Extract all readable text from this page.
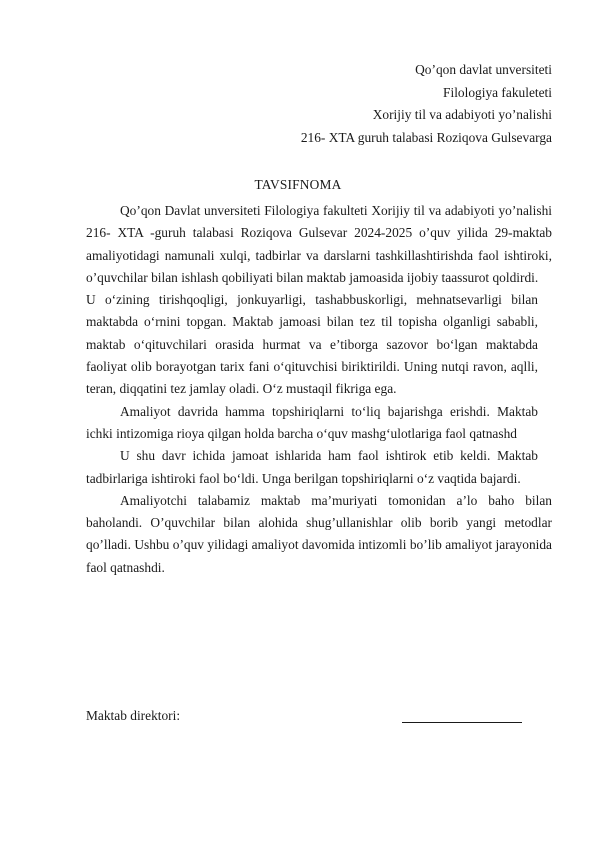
Qo’qon davlat unversiteti
Filologiya fakuleteti
Xorijiy til va adabiyoti yo’nalishi
216- XTA guruh talabasi Roziqova Gulsevarga
TAVSIFNOMA

Qo’qon Davlat unversiteti Filologiya fakulteti Xorijiy til va adabiyoti yo’nalishi 216- XTA -guruh talabasi Roziqova Gulsevar 2024-2025 o’quv yilida 29-maktab amaliyotidagi namunali xulqi, tadbirlar va darslarni tashkillashtirishda faol ishtiroki, o’quvchilar bilan ishlash qobiliyati bilan maktab jamoasida ijobiy taassurot qoldirdi.

U o‘zining tirishqoqligi, jonkuyarligi, tashabbuskorligi, mehnatsevarligi bilan maktabda o‘rnini topgan. Maktab jamoasi bilan tez til topisha olganligi sababli, maktab o‘qituvchilari orasida hurmat va e’tiborga sazovor bo‘lgan maktabda faoliyat olib borayotgan tarix fani o‘qituvchisi biriktirildi. Uning nutqi ravon, aqlli, teran, diqqatini tez jamlay oladi. O‘z mustaqil fikriga ega.

Amaliyot davrida hamma topshiriqlarni to‘liq bajarishga erishdi. Maktab ichki intizomiga rioya qilgan holda barcha o‘quv mashg‘ulotlariga faol qatnashd

U shu davr ichida jamoat ishlarida ham faol ishtirok etib keldi. Maktab tadbirlariga ishtiroki faol bo‘ldi. Unga berilgan topshiriqlarni o‘z vaqtida bajardi.

Amaliyotchi talabamiz maktab ma’muriyati tomonidan a’lo baho bilan baholandi. O’quvchilar bilan alohida shug’ullanishlar olib borib yangi metodlar qo’lladi. Ushbu o’quv yilidagi amaliyot davomida intizomli bo’lib amaliyot jarayonida faol qatnashdi.

Maktab direktori:
